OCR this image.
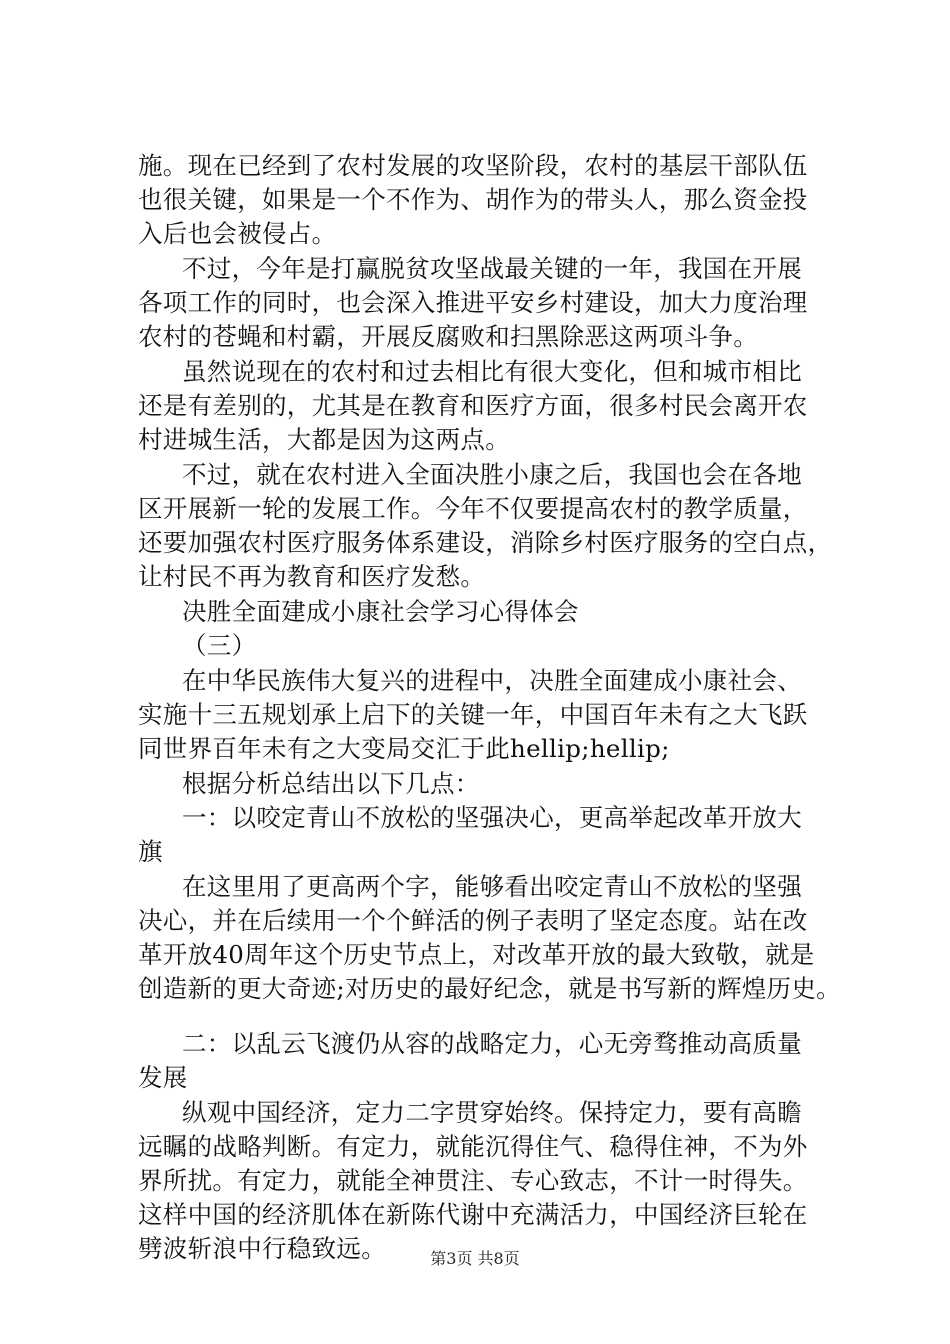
施。现在已经到了农村发展的攻坚阶段，农村的基层干部队伍
也很关键，如果是一个不作为、胡作为的带头人，那么资金投
入后也会被侵占。
不过，今年是打赢脱贫攻坚战最关键的一年，我国在开展
各项工作的同时，也会深入推进平安乡村建设，加大力度治理
农村的苍蝇和村霸，开展反腐败和扫黑除恶这两项斗争。
虽然说现在的农村和过去相比有很大变化，但和城市相比
还是有差别的，尤其是在教育和医疗方面，很多村民会离开农
村进城生活，大都是因为这两点。
不过，就在农村进入全面决胜小康之后，我国也会在各地
区开展新一轮的发展工作。今年不仅要提高农村的教学质量，
还要加强农村医疗服务体系建设，消除乡村医疗服务的空白点，
让村民不再为教育和医疗发愁。
决胜全面建成小康社会学习心得体会
（三）
在中华民族伟大复兴的进程中，决胜全面建成小康社会、
实施十三五规划承上启下的关键一年，中国百年未有之大飞跃
同世界百年未有之大变局交汇于此hellip;hellip;
根据分析总结出以下几点：
一：以咬定青山不放松的坚强决心，更高举起改革开放大
旗
在这里用了更高两个字，能够看出咬定青山不放松的坚强
决心，并在后续用一个个鲜活的例子表明了坚定态度。站在改
革开放40周年这个历史节点上，对改革开放的最大致敬，就是
创造新的更大奇迹;对历史的最好纪念，就是书写新的辉煌历史。
二：以乱云飞渡仍从容的战略定力，心无旁骛推动高质量
发展
纵观中国经济，定力二字贯穿始终。保持定力，要有高瞻
远瞩的战略判断。有定力，就能沉得住气、稳得住神，不为外
界所扰。有定力，就能全神贯注、专心致志，不计一时得失。
这样中国的经济肌体在新陈代谢中充满活力，中国经济巨轮在
劈波斩浪中行稳致远。	第3页 共8页
